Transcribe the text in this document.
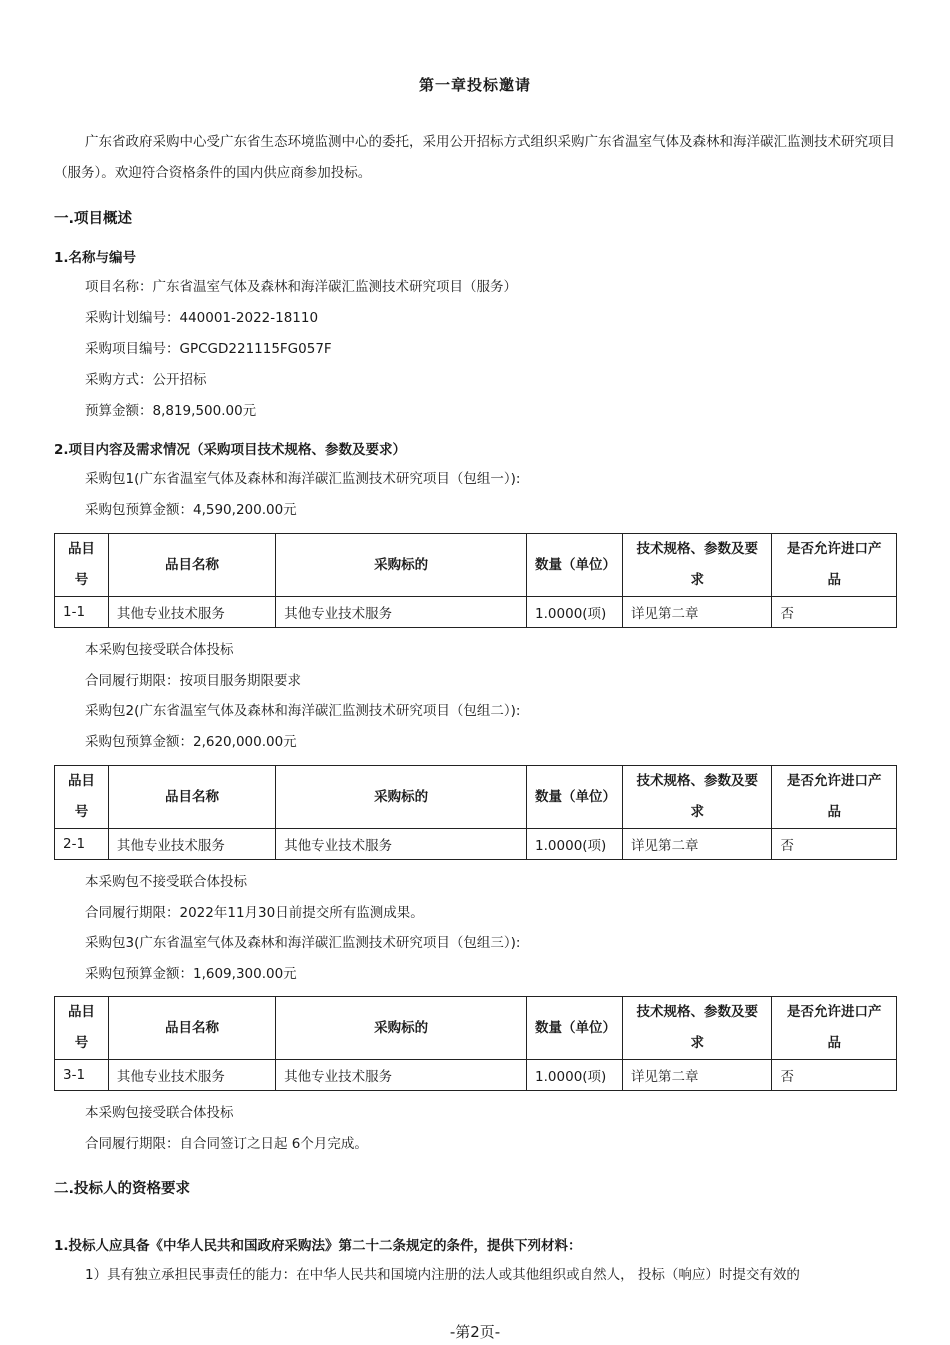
第一章投标邀请
广东省政府采购中心受广东省生态环境监测中心的委托，采用公开招标方式组织采购广东省温室气体及森林和海洋碳汇监测技术研究项目（服务）。欢迎符合资格条件的国内供应商参加投标。
一.项目概述
1.名称与编号
项目名称：广东省温室气体及森林和海洋碳汇监测技术研究项目（服务）
采购计划编号：440001-2022-18110
采购项目编号：GPCGD221115FG057F
采购方式：公开招标
预算金额：8,819,500.00元
2.项目内容及需求情况（采购项目技术规格、参数及要求）
采购包1(广东省温室气体及森林和海洋碳汇监测技术研究项目（包组一）):
采购包预算金额：4,590,200.00元
品目号	品目名称	采购标的	数量（单位）	技术规格、参数及要求	是否允许进口产品
1-1	其他专业技术服务	其他专业技术服务	1.0000(项)	详见第二章	否
本采购包接受联合体投标
合同履行期限：按项目服务期限要求
采购包2(广东省温室气体及森林和海洋碳汇监测技术研究项目（包组二）):
采购包预算金额：2,620,000.00元
品目号	品目名称	采购标的	数量（单位）	技术规格、参数及要求	是否允许进口产品
2-1	其他专业技术服务	其他专业技术服务	1.0000(项)	详见第二章	否
本采购包不接受联合体投标
合同履行期限：2022年11月30日前提交所有监测成果。
采购包3(广东省温室气体及森林和海洋碳汇监测技术研究项目（包组三）):
采购包预算金额：1,609,300.00元
品目号	品目名称	采购标的	数量（单位）	技术规格、参数及要求	是否允许进口产品
3-1	其他专业技术服务	其他专业技术服务	1.0000(项)	详见第二章	否
本采购包接受联合体投标
合同履行期限：自合同签订之日起 6个月完成。
二.投标人的资格要求
1.投标人应具备《中华人民共和国政府采购法》第二十二条规定的条件，提供下列材料：
1）具有独立承担民事责任的能力：在中华人民共和国境内注册的法人或其他组织或自然人， 投标（响应）时提交有效的
-第2页-
